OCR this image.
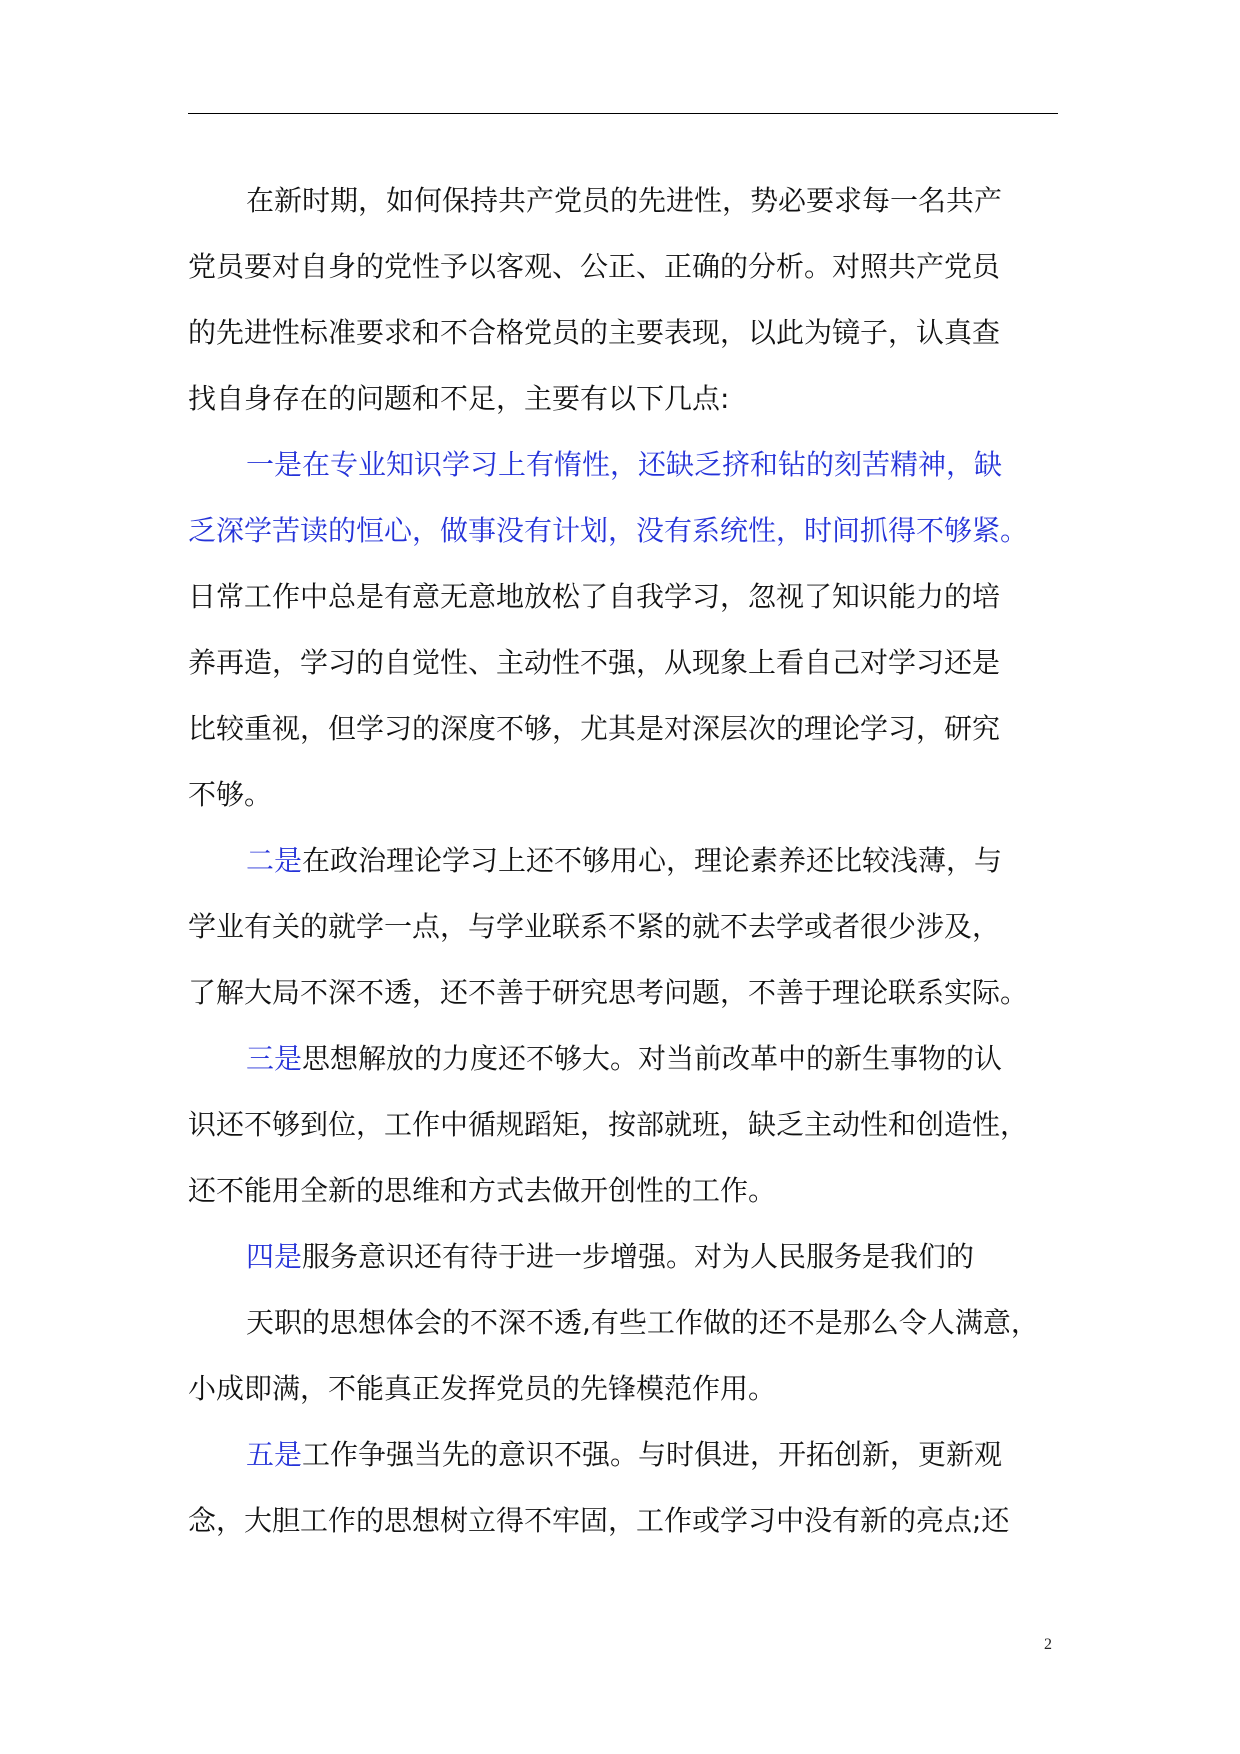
在新时期，如何保持共产党员的先进性，势必要求每一名共产
党员要对自身的党性予以客观、公正、正确的分析。对照共产党员
的先进性标准要求和不合格党员的主要表现，以此为镜子，认真查
找自身存在的问题和不足，主要有以下几点:
一是在专业知识学习上有惰性，还缺乏挤和钻的刻苦精神，缺
乏深学苦读的恒心，做事没有计划，没有系统性，时间抓得不够紧。
日常工作中总是有意无意地放松了自我学习，忽视了知识能力的培
养再造，学习的自觉性、主动性不强，从现象上看自己对学习还是
比较重视，但学习的深度不够，尤其是对深层次的理论学习，研究
不够。
二是在政治理论学习上还不够用心，理论素养还比较浅薄，与
学业有关的就学一点，与学业联系不紧的就不去学或者很少涉及，
了解大局不深不透，还不善于研究思考问题，不善于理论联系实际。
三是思想解放的力度还不够大。对当前改革中的新生事物的认
识还不够到位，工作中循规蹈矩，按部就班，缺乏主动性和创造性，
还不能用全新的思维和方式去做开创性的工作。
四是服务意识还有待于进一步增强。对为人民服务是我们的
天职的思想体会的不深不透,有些工作做的还不是那么令人满意，
小成即满，不能真正发挥党员的先锋模范作用。
五是工作争强当先的意识不强。与时俱进，开拓创新，更新观
念，大胆工作的思想树立得不牢固，工作或学习中没有新的亮点;还
2
